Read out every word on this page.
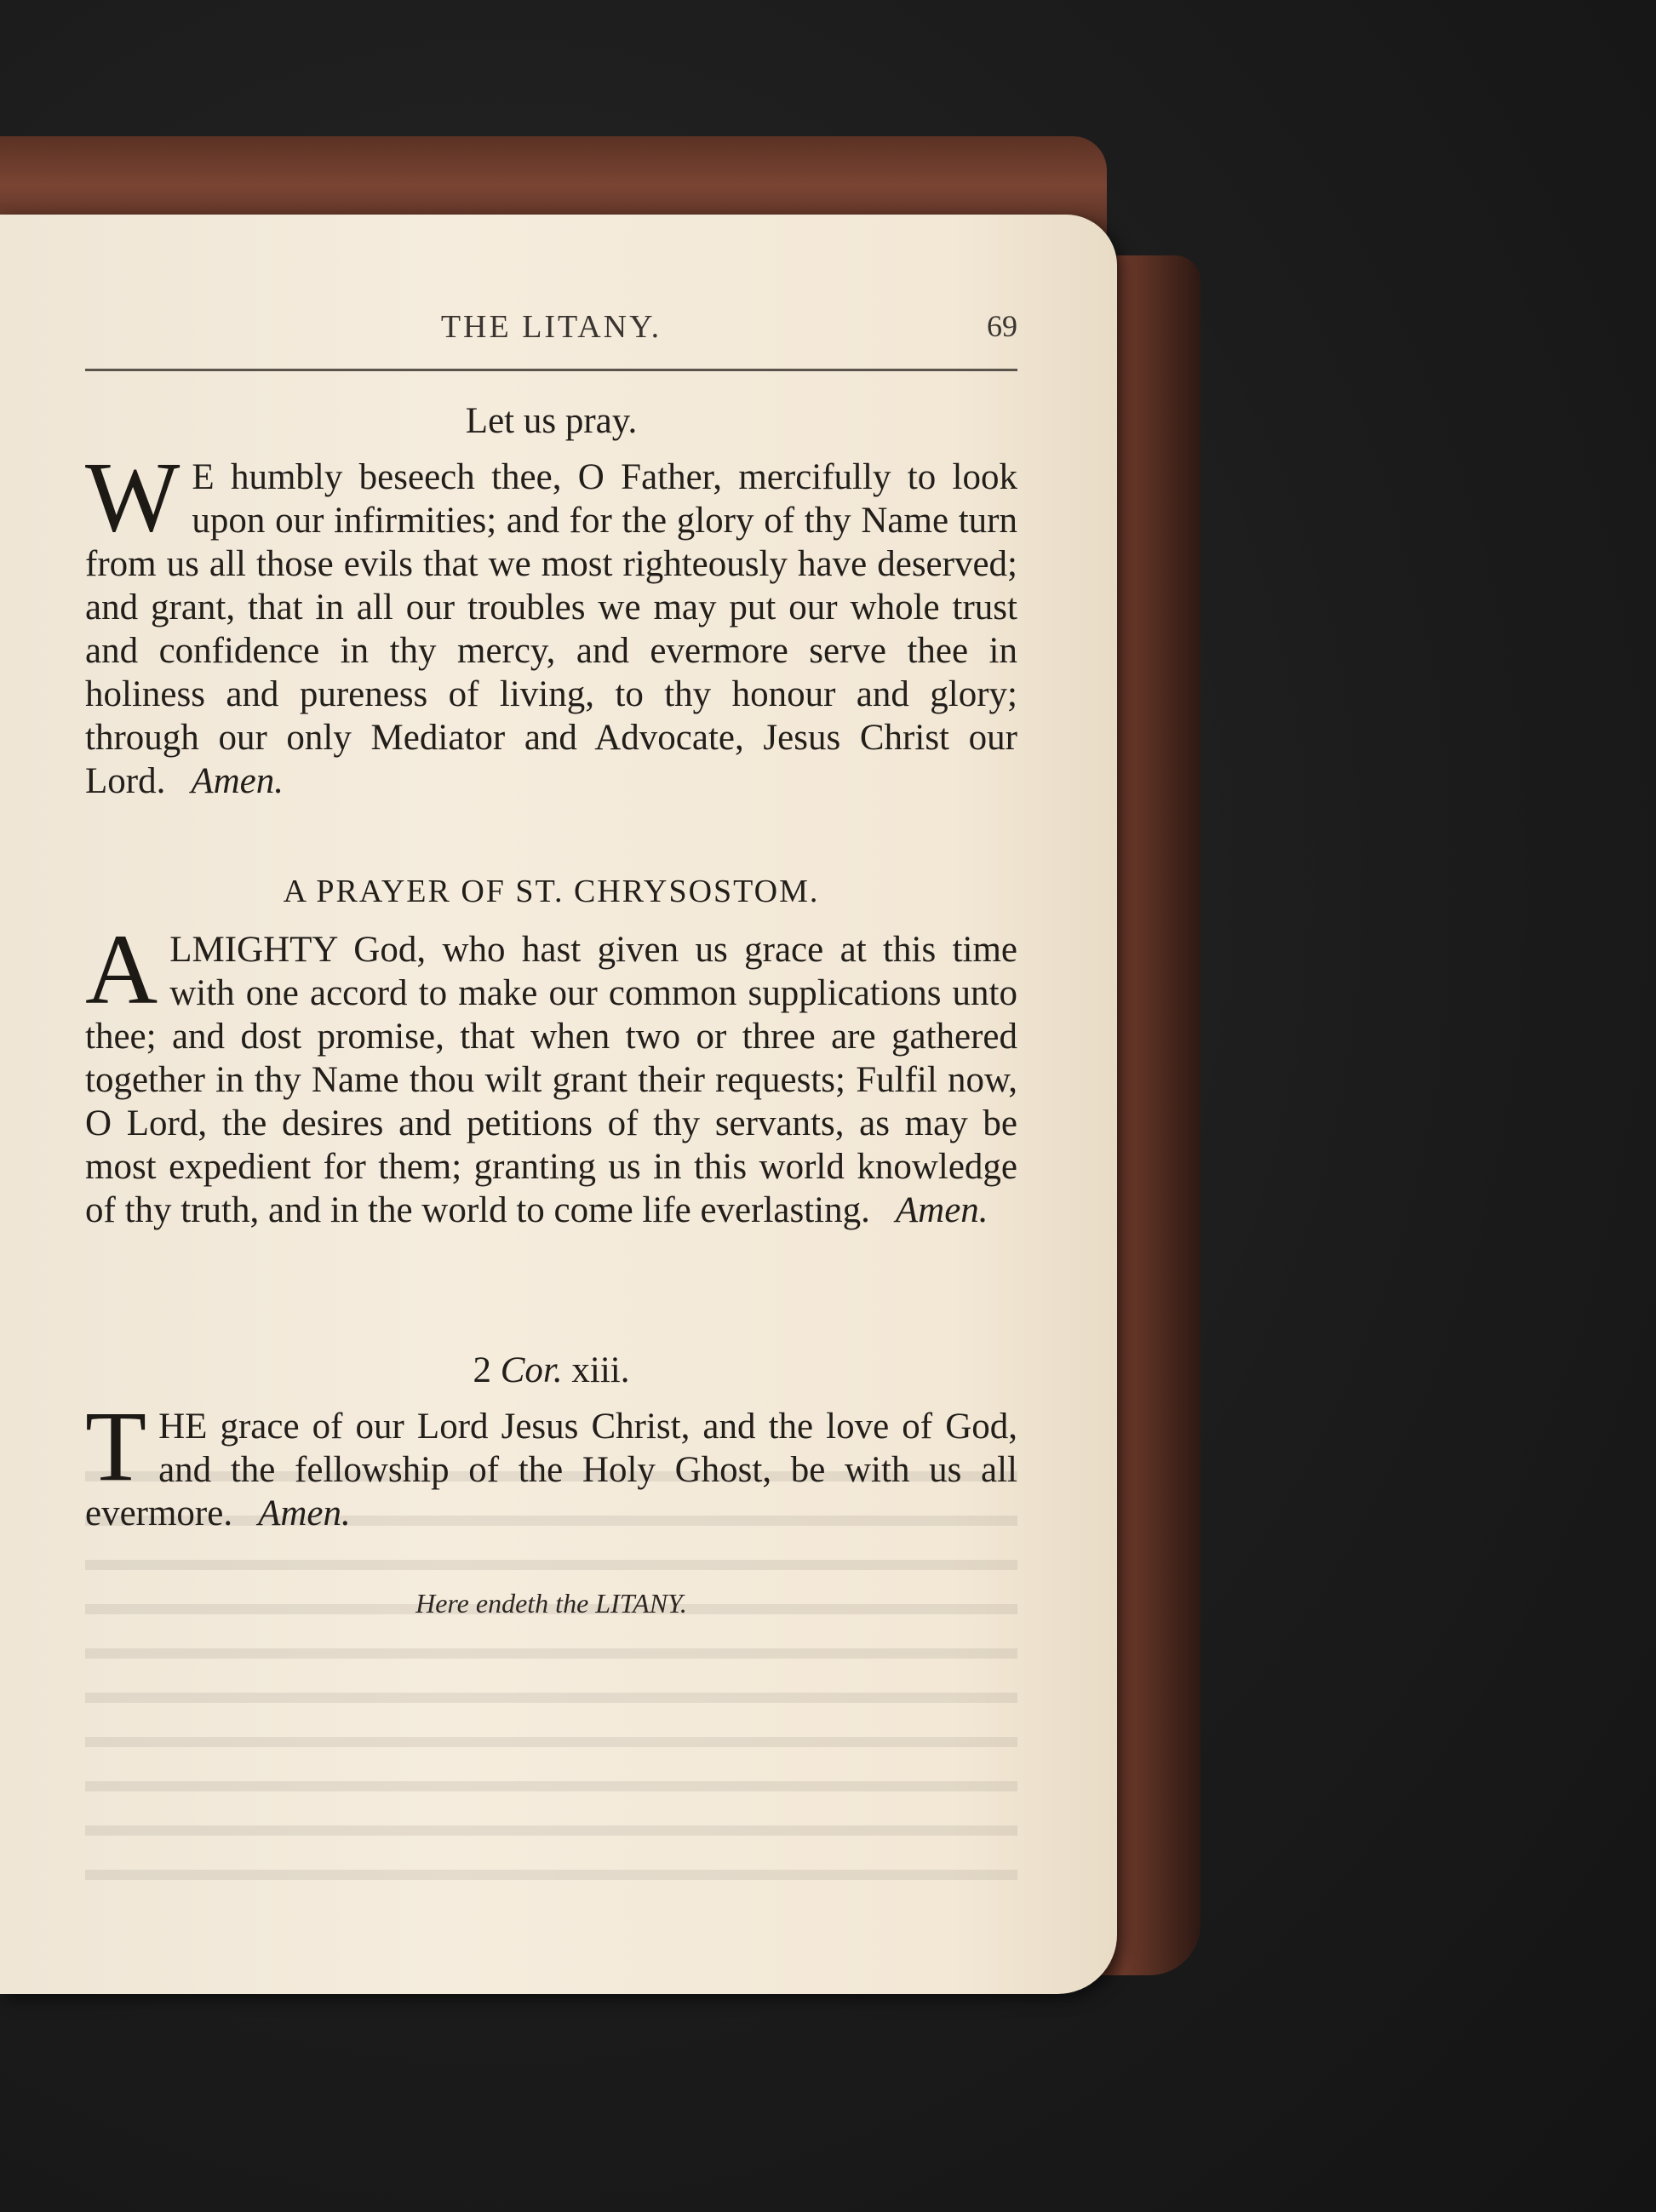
THE LITANY.	69
Let us pray.
W E humbly beseech thee, O Father, mercifully to look upon our infirmities; and for the glory of thy Name turn from us all those evils that we most righteously have deserved; and grant, that in all our troubles we may put our whole trust and confidence in thy mercy, and evermore serve thee in holiness and pureness of living, to thy honour and glory; through our only Mediator and Advocate, Jesus Christ our Lord. Amen.
A PRAYER OF ST. CHRYSOSTOM.
ALMIGHTY God, who hast given us grace at this time with one accord to make our common supplications unto thee; and dost promise, that when two or three are gathered together in thy Name thou wilt grant their requests; Fulfil now, O Lord, the desires and petitions of thy servants, as may be most expedient for them; granting us in this world knowledge of thy truth, and in the world to come life everlasting. Amen.
2 Cor. xiii.
THE grace of our Lord Jesus Christ, and the love of God, and the fellowship of the Holy Ghost, be with us all evermore. Amen.
Here endeth the LITANY.
